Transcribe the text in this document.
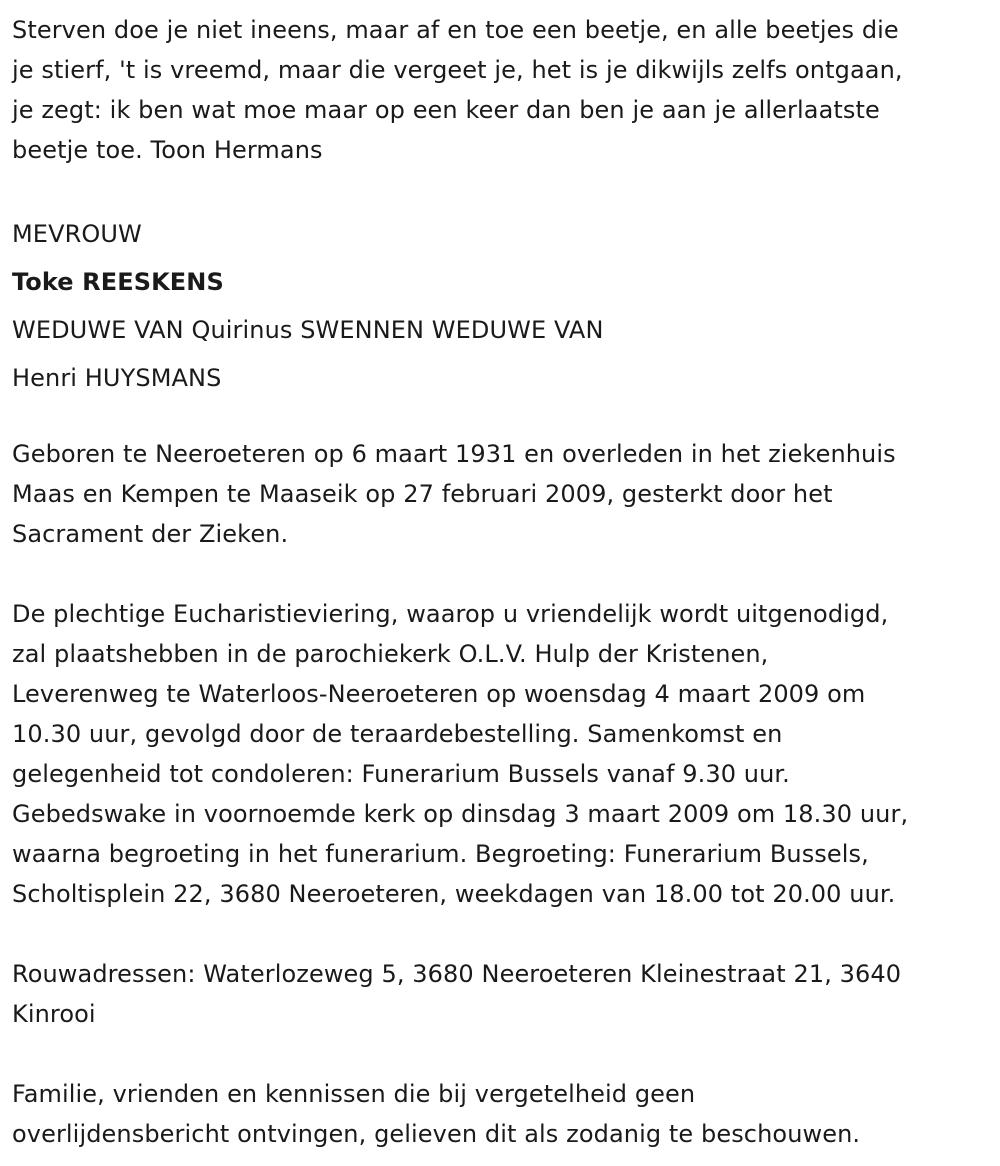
Sterven doe je niet ineens, maar af en toe een beetje, en alle beetjes die

je stierf, 't is vreemd, maar die vergeet je, het is je dikwijls zelfs ontgaan,

je zegt: ik ben wat moe maar op een keer dan ben je aan je allerlaatste

beetje toe. Toon Hermans

MEVROUW

Toke REESKENS

WEDUWE VAN Quirinus SWENNEN WEDUWE VAN

Henri HUYSMANS

Geboren te Neeroeteren op 6 maart 1931 en overleden in het ziekenhuis

Maas en Kempen te Maaseik op 27 februari 2009, gesterkt door het

Sacrament der Zieken.

De plechtige Eucharistieviering, waarop u vriendelijk wordt uitgenodigd,

zal plaatshebben in de parochiekerk O.L.V. Hulp der Kristenen,

Leverenweg te Waterloos-Neeroeteren op woensdag 4 maart 2009 om

10.30 uur, gevolgd door de teraardebestelling. Samenkomst en

gelegenheid tot condoleren: Funerarium Bussels vanaf 9.30 uur.

Gebedswake in voornoemde kerk op dinsdag 3 maart 2009 om 18.30 uur,

waarna begroeting in het funerarium. Begroeting: Funerarium Bussels,

Scholtisplein 22, 3680 Neeroeteren, weekdagen van 18.00 tot 20.00 uur.

Rouwadressen: Waterlozeweg 5, 3680 Neeroeteren Kleinestraat 21, 3640

Kinrooi

Familie, vrienden en kennissen die bij vergetelheid geen

overlijdensbericht ontvingen, gelieven dit als zodanig te beschouwen.
